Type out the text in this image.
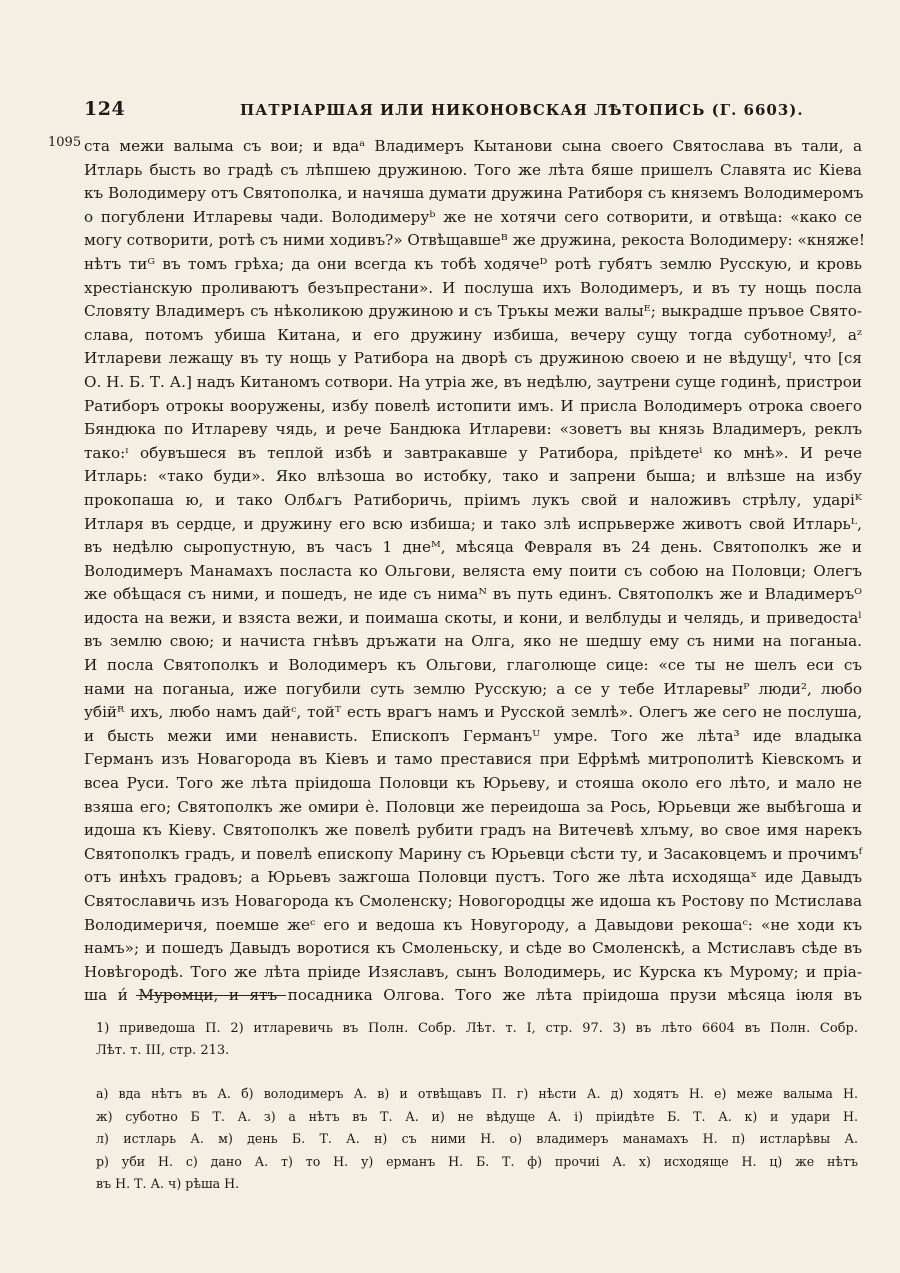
124	ПАТРІАРШАЯ ИЛИ НИКОНОВСКАЯ ЛѢТОПИСЬ (Г. 6603).
1095 ста межи валыма съ вои; и вдаᵃ Владимеръ Кытанови сына своего Святослава въ тали, а
Итларь бысть во градѣ съ лѣпшею дружиною. Того же лѣта бяше пришелъ Славята ис Кіева
къ Володимеру отъ Святополка, и начяша думати дружина Ратиборя съ княземъ Володимеромъ
о погублени Итларевы чади. Володимеруᵇ же не хотячи сего сотворити, и отвѣща: «како се
могу сотворити, ротѣ съ ними ходивъ?» Отвѣщавшеᴮ же дружина, рекоста Володимеру: «княже!
нѣтъ тиᴳ въ томъ грѣха; да они всегда къ тобѣ ходячеᴰ ротѣ губятъ землю Русскую, и кровь
хрестіанскую проливаютъ безъпрестани». И послуша ихъ Володимеръ, и въ ту нощь посла
Словяту Владимеръ съ нѣколикою дружиною и съ Тръкы межи валыᴱ; выкрадше пръвое Свято-
слава, потомъ убиша Китана, и его дружину избиша, вечеру сущу тогда суботномуᴶ, аᶻ
Итлареви лежащу въ ту нощь у Ратибора на дворѣ съ дружиною своею и не вѣдущуᴵ, что [ся
О. Н. Б. Т. А.] надъ Китаномъ сотвори. На утріа же, въ недѣлю, заутрени суще годинѣ, пристрои
Ратиборъ отрокы вооружены, избу повелѣ истопити имъ. И присла Володимеръ отрока своего
Бяндюка по Итлареву чядь, и рече Бандюка Итлареви: «зоветъ вы князь Владимеръ, реклъ
тако:ᶦ обувъшеся въ теплой избѣ и завтракавше у Ратибора, пріѣдетеⁱ ко мнѣ». И рече
Итларь: «тако буди». Яко влѣзоша во истобку, тако и запрени быша; и влѣзше на избу
прокопаша ю, и тако Олбѧгъ Ратиборичь, пріимъ лукъ свой и наложивъ стрѣлу, ударiᴷ
Итларя въ сердце, и дружину его всю избиша; и тако злѣ испрьверже животъ свой Итларьᴸ,
въ недѣлю сыропустную, въ часъ 1 днеᴹ, мѣсяца Февраля въ 24 день. Святополкъ же и
Володимеръ Манамахъ посласта ко Ольгови, веляста ему поити съ собою на Половци; Олегъ
же обѣщася съ ними, и пошедъ, не иде съ нимаᴺ въ путь единъ. Святополкъ же и Владимеръᴼ
идоста на вежи, и взяста вежи, и поимаша скоты, и кони, и велблуды и челядь, и приведостаˡ
въ землю свою; и начиста гнѣвъ дръжати на Олга, яко не шедшу ему съ ними на поганыа.
И посла Святополкъ и Володимеръ къ Ольгови, глаголюще сице: «се ты не шелъ еси съ
нами на поганыа, иже погубили суть землю Русскую; а се у тебе Итларевыᴾ люди², любо
убiйᴿ ихъ, любо намъ дайᶜ, тойᵀ есть врагъ намъ и Русской землѣ». Олегъ же сего не послуша,
и бысть межи ими ненависть. Епископъ Германъᵁ умре. Того же лѣта³ иде владыка
Германъ изъ Новагорода въ Кіевъ и тамо преставися при Ефрѣмѣ митрополитѣ Кіевскомъ и
всеа Руси. Того же лѣта пріидоша Половци къ Юрьеву, и стояша около его лѣто, и мало не
взяша его; Святополкъ же омири ѐ. Половци же переидоша за Рось, Юрьевци же выбѣгоша и
идоша къ Кіеву. Святополкъ же повелѣ рубити градъ на Витечевѣ хлъму, во свое имя нарекъ
Святополкъ градъ, и повелѣ епископу Марину съ Юрьевци сѣсти ту, и Засаковцемъ и прочимъᶠ
отъ инѣхъ градовъ; а Юрьевъ зажгоша Половци пустъ. Того же лѣта исходящаˣ иде Давыдъ
Святославичь изъ Новагорода къ Смоленску; Новогородцы же идоша къ Ростову по Мстислава
Володимеричя, поемше жеᶜ его и ведоша къ Новугороду, а Давыдови рекошаᶜ: «не ходи къ
намъ»; и пошедъ Давыдъ воротися къ Смоленьску, и сѣде во Смоленскѣ, а Мстиславъ сѣде въ
Новѣгородѣ. Того же лѣта пріиде Изяславъ, сынъ Володимерь, ис Курска къ Мурому; и пріа-
ша и́ Муромци, и ятъ посадника Олгова. Того же лѣта пріидоша прузи мѣсяца іюля въ
1) приведоша П. 2) итларевичь въ Полн. Собр. Лѣт. т. I, стр. 97. 3) въ лѣто 6604 въ Полн. Собр.
Лѣт. т. III, стр. 213.
а) вда нѣтъ въ А. б) володимеръ А. в) и отвѣщавъ П. г) нѣсти А. д) ходятъ Н. е) меже валыма Н.
ж) суботно Б Т. А. з) а нѣтъ въ Т. А. и) не вѣдуще А. і) пріидѣте Б. Т. А. к) и удари Н.
л) истларь А. м) день Б. Т. А. н) съ ними Н. о) владимеръ манамахъ Н. п) истларѣвы А.
р) уби Н. с) дано А. т) то Н. у) ерманъ Н. Б. Т. ф) прочиі А. х) исходяще Н. ц) же нѣтъ
въ Н. Т. А. ч) рѣша Н.
